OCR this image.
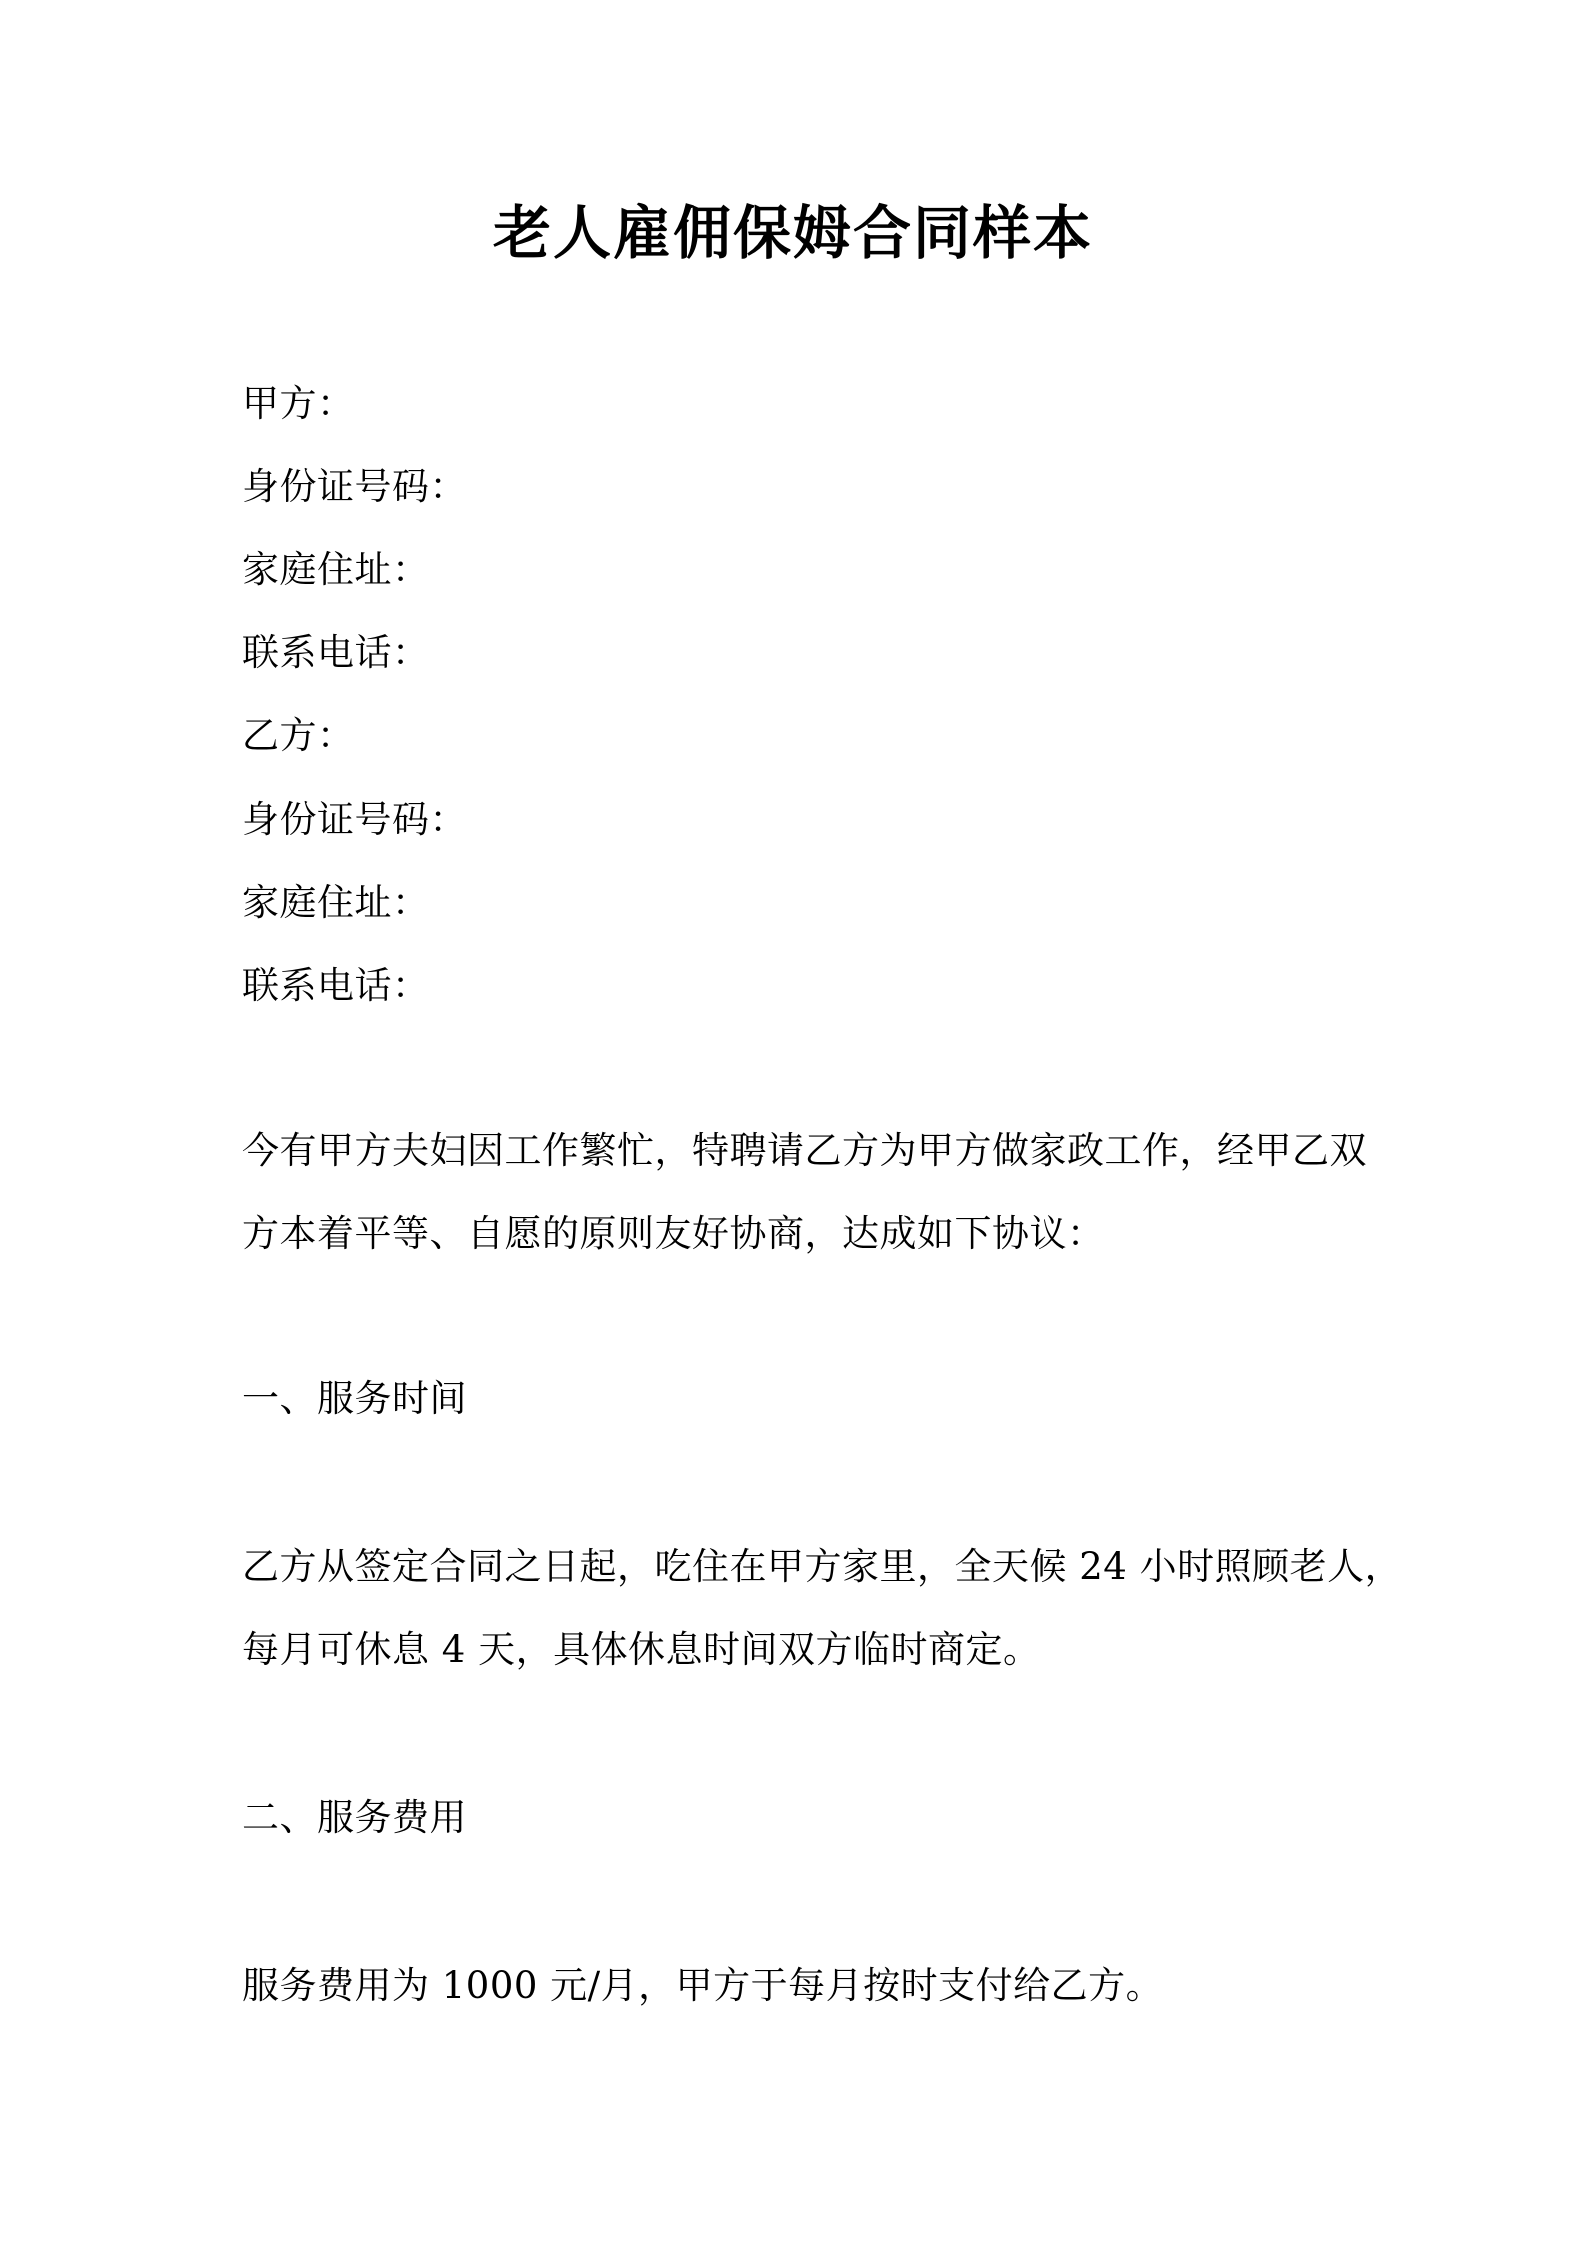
老人雇佣保姆合同样本
甲方：
身份证号码：
家庭住址：
联系电话：
乙方：
身份证号码：
家庭住址：
联系电话：
今有甲方夫妇因工作繁忙，特聘请乙方为甲方做家政工作，经甲乙双
方本着平等、自愿的原则友好协商，达成如下协议：
一、服务时间
乙方从签定合同之日起，吃住在甲方家里，全天候 24 小时照顾老人，
每月可休息 4 天，具体休息时间双方临时商定。
二、服务费用
服务费用为 1000 元/月，甲方于每月按时支付给乙方。
